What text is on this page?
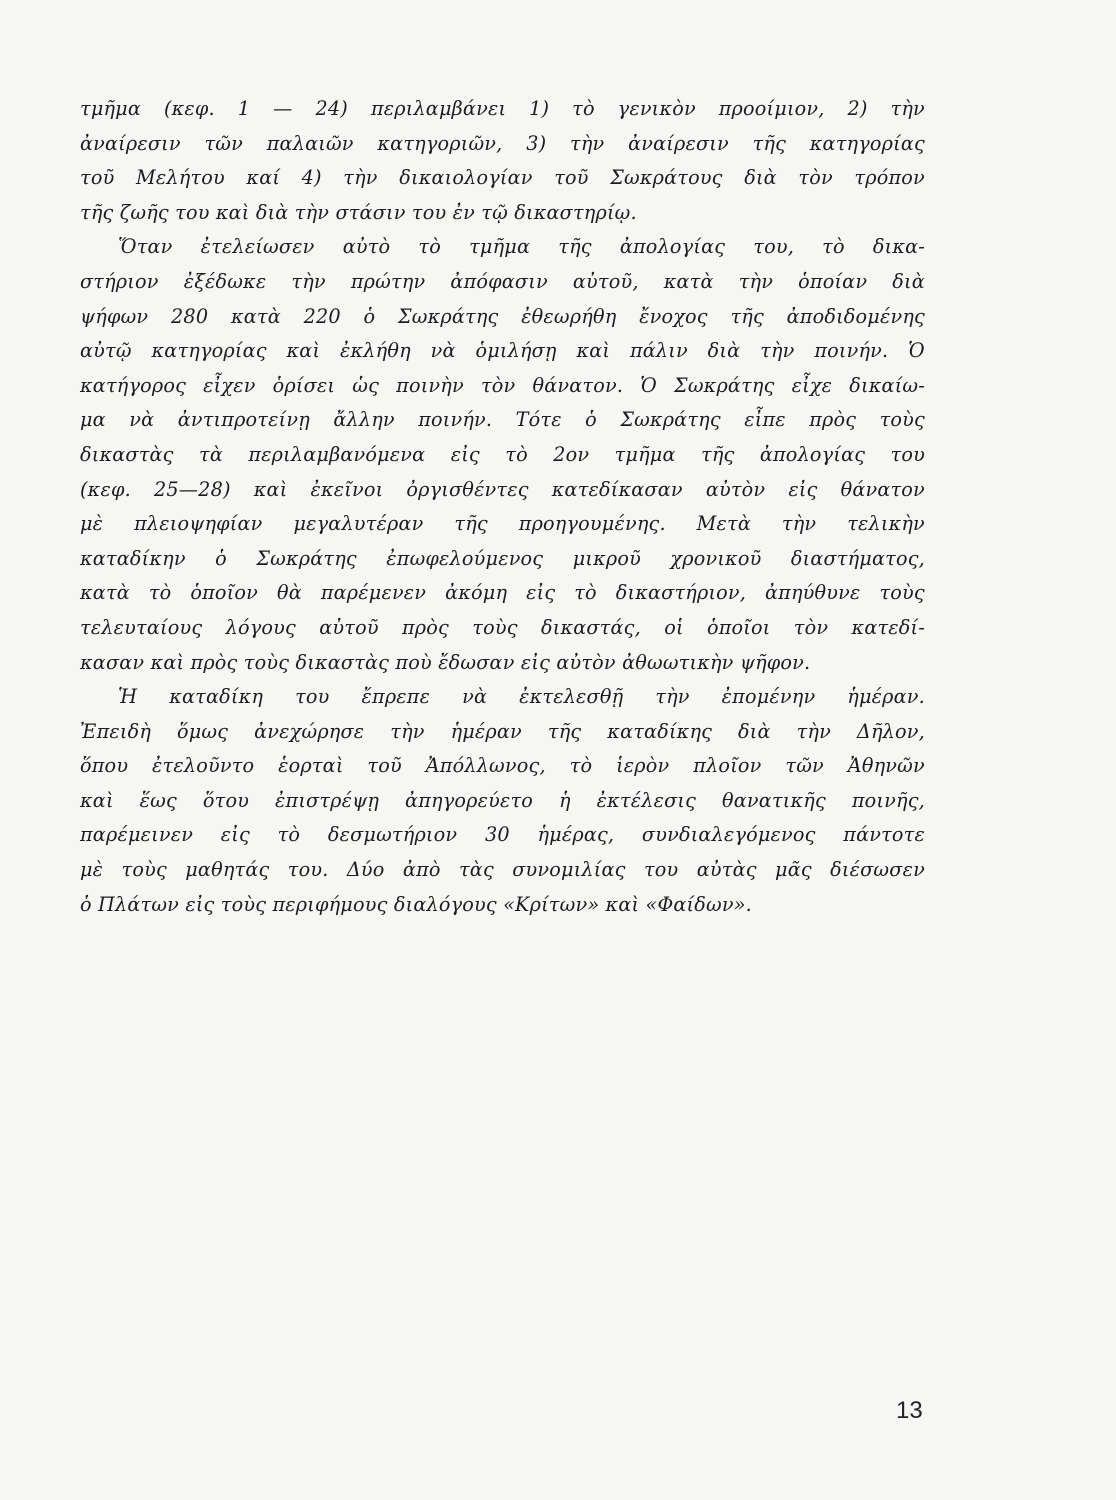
τμῆμα (κεφ. 1 — 24) περιλαμβάνει 1) τὸ γενικὸν προοίμιον, 2) τὴν
ἀναίρεσιν τῶν παλαιῶν κατηγοριῶν, 3) τὴν ἀναίρεσιν τῆς κατηγορίας
τοῦ Μελήτου καί 4) τὴν δικαιολογίαν τοῦ Σωκράτους διὰ τὸν τρόπον
τῆς ζωῆς του καὶ διὰ τὴν στάσιν του ἐν τῷ δικαστηρίῳ.
Ὅταν ἐτελείωσεν αὐτὸ τὸ τμῆμα τῆς ἀπολογίας του, τὸ δικα-
στήριον ἐξέδωκε τὴν πρώτην ἀπόφασιν αὐτοῦ, κατὰ τὴν ὁποίαν διὰ
ψήφων 280 κατὰ 220 ὁ Σωκράτης ἐθεωρήθη ἔνοχος τῆς ἀποδιδομένης
αὐτῷ κατηγορίας καὶ ἐκλήθη νὰ ὁμιλήσῃ καὶ πάλιν διὰ τὴν ποινήν. Ὁ
κατήγορος εἶχεν ὁρίσει ὡς ποινὴν τὸν θάνατον. Ὁ Σωκράτης εἶχε δικαίω-
μα νὰ ἀντιπροτείνῃ ἄλλην ποινήν. Τότε ὁ Σωκράτης εἶπε πρὸς τοὺς
δικαστὰς τὰ περιλαμβανόμενα εἰς τὸ 2ον τμῆμα τῆς ἀπολογίας του
(κεφ. 25—28) καὶ ἐκεῖνοι ὀργισθέντες κατεδίκασαν αὐτὸν εἰς θάνατον
μὲ πλειοψηφίαν μεγαλυτέραν τῆς προηγουμένης. Μετὰ τὴν τελικὴν
καταδίκην ὁ Σωκράτης ἐπωφελούμενος μικροῦ χρονικοῦ διαστήματος,
κατὰ τὸ ὁποῖον θὰ παρέμενεν ἀκόμη εἰς τὸ δικαστήριον, ἀπηύθυνε τοὺς
τελευταίους λόγους αὐτοῦ πρὸς τοὺς δικαστάς, οἱ ὁποῖοι τὸν κατεδί-
κασαν καὶ πρὸς τοὺς δικαστὰς ποὺ ἔδωσαν εἰς αὐτὸν ἀθωωτικὴν ψῆφον.
Ἡ καταδίκη του ἔπρεπε νὰ ἐκτελεσθῇ τὴν ἐπομένην ἡμέραν.
Ἐπειδὴ ὅμως ἀνεχώρησε τὴν ἡμέραν τῆς καταδίκης διὰ τὴν Δῆλον,
ὅπου ἐτελοῦντο ἑορταὶ τοῦ Ἀπόλλωνος, τὸ ἱερὸν πλοῖον τῶν Ἀθηνῶν
καὶ ἕως ὅτου ἐπιστρέψῃ ἀπηγορεύετο ἡ ἐκτέλεσις θανατικῆς ποινῆς,
παρέμεινεν εἰς τὸ δεσμωτήριον 30 ἡμέρας, συνδιαλεγόμενος πάντοτε
μὲ τοὺς μαθητάς του. Δύο ἀπὸ τὰς συνομιλίας του αὐτὰς μᾶς διέσωσεν
ὁ Πλάτων εἰς τοὺς περιφήμους διαλόγους «Κρίτων» καὶ «Φαίδων».
13
